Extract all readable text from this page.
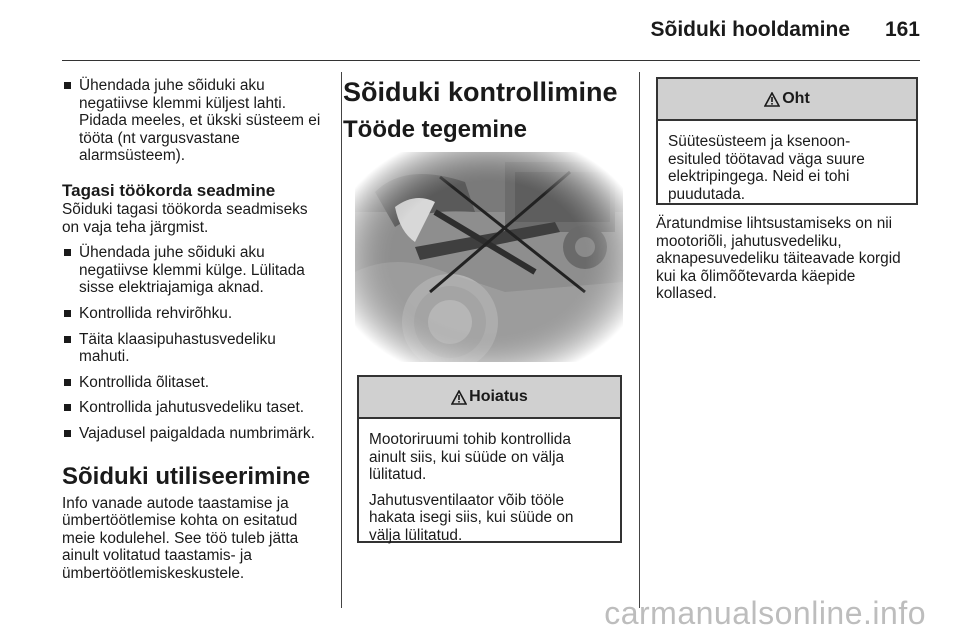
Sõiduki hooldamine 161
Ühendada juhe sõiduki aku
negatiivse klemmi küljest lahti.
Pidada meeles, et ükski süsteem ei
tööta (nt vargusvastane
alarmsüsteem).
Tagasi töökorda seadmine

Sõiduki tagasi töökorda seadmiseks
on vaja teha järgmist.

Ühendada juhe sõiduki aku
negatiivse klemmi külge. Lülitada
sisse elektriajamiga aknad.
Kontrollida rehvirõhku.
Täita klaasipuhastusvedeliku
mahuti.
Kontrollida õlitaset.
Kontrollida jahutusvedeliku taset.
Vajadusel paigaldada numbrimärk.
Sõiduki utiliseerimine
Info vanade autode taastamise ja
ümbertöötlemise kohta on esitatud
meie kodulehel. See töö tuleb jätta
ainult volitatud taastamis- ja
ümbertöötlemiskeskustele.
Sõiduki kontrollimine
Tööde tegemine
Hoiatus

Mootoriruumi tohib kontrollida
ainult siis, kui süüde on välja
lülitatud.

Jahutusventilaator võib tööle
hakata isegi siis, kui süüde on
välja lülitatud.

Oht
Süütesüsteem ja ksenoon-
esituled töötavad väga suure
elektripingega. Neid ei tohi
puudutada.
Äratundmise lihtsustamiseks on nii
mootoriõli, jahutusvedeliku,
aknapesuvedeliku täiteavade korgid
kui ka õlimõõtevarda käepide
kollased.
carmanualsonline.info
